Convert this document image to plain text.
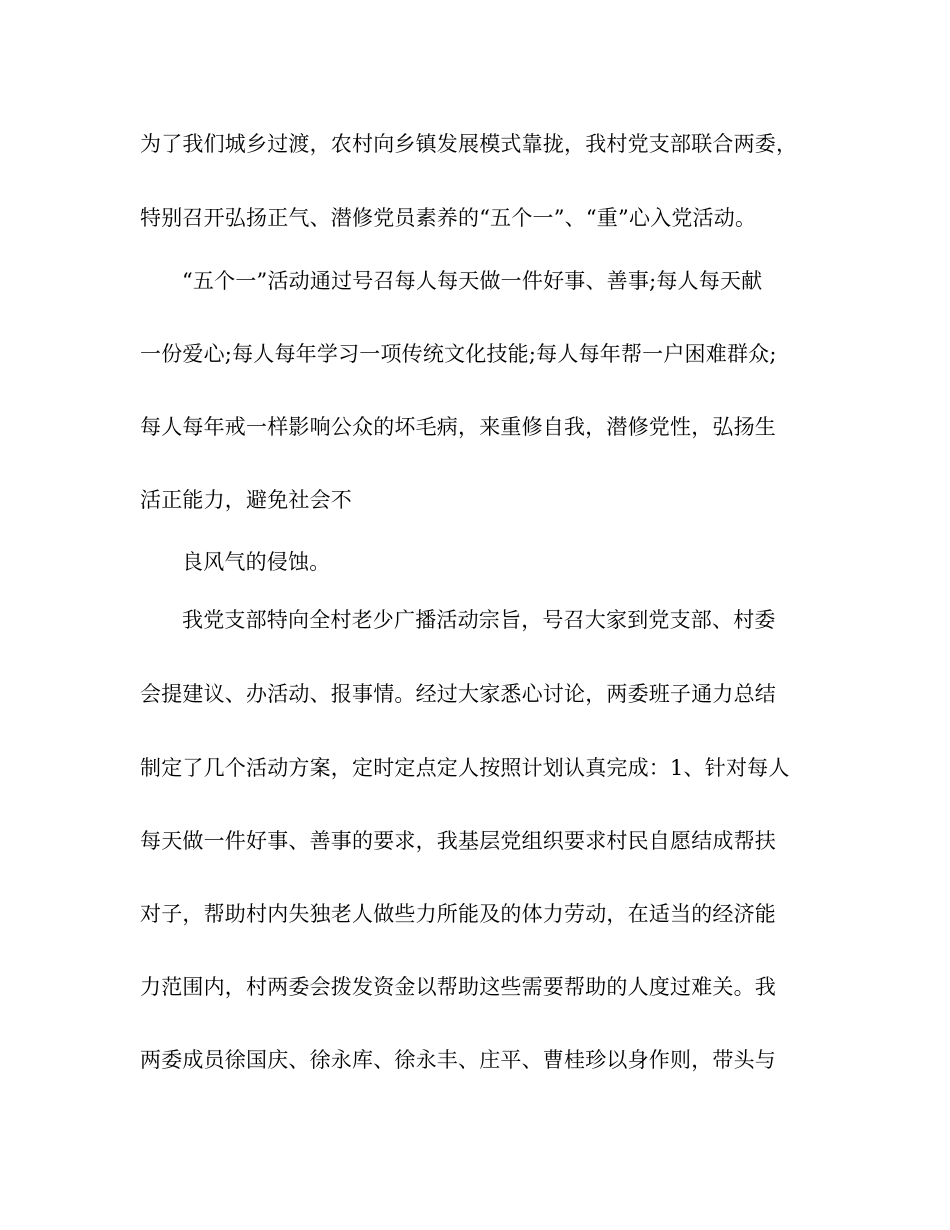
为了我们城乡过渡，农村向乡镇发展模式靠拢，我村党支部联合两委，
特别召开弘扬正气、潜修党员素养的“五个一”、“重”心入党活动。
“五个一”活动通过号召每人每天做一件好事、善事;每人每天献
一份爱心;每人每年学习一项传统文化技能;每人每年帮一户困难群众;
每人每年戒一样影响公众的坏毛病，来重修自我，潜修党性，弘扬生
活正能力，避免社会不
良风气的侵蚀。
我党支部特向全村老少广播活动宗旨，号召大家到党支部、村委
会提建议、办活动、报事情。经过大家悉心讨论，两委班子通力总结
制定了几个活动方案，定时定点定人按照计划认真完成：1、针对每人
每天做一件好事、善事的要求，我基层党组织要求村民自愿结成帮扶
对子，帮助村内失独老人做些力所能及的体力劳动，在适当的经济能
力范围内，村两委会拨发资金以帮助这些需要帮助的人度过难关。我
两委成员徐国庆、徐永库、徐永丰、庄平、曹桂珍以身作则，带头与
